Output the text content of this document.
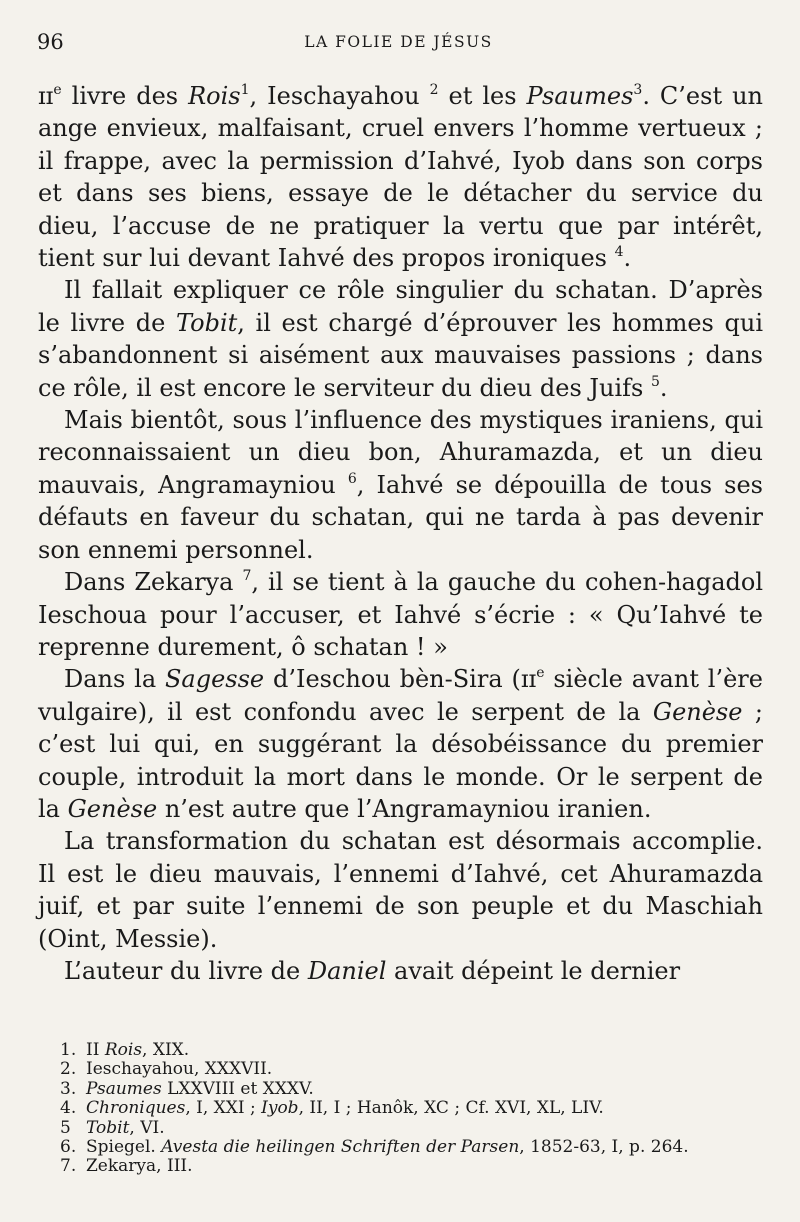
96	LA FOLIE DE JÉSUS

ɪɪ$^e$ livre des Rois$^1$, Ieschayahou $^2$ et les Psaumes$^3$. C’est un ange envieux, malfaisant, cruel envers l’homme vertueux ; il frappe, avec la permission d’Iahvé, Iyob dans son corps et dans ses biens, essaye de le détacher du service du dieu, l’accuse de ne pratiquer la vertu que par intérêt, tient sur lui devant Iahvé des propos ironiques $^4$.

Il fallait expliquer ce rôle singulier du schatan. D’après le livre de Tobit, il est chargé d’éprouver les hommes qui s’abandonnent si aisément aux mauvaises passions ; dans ce rôle, il est encore le serviteur du dieu des Juifs $^5$.

Mais bientôt, sous l’influence des mystiques iraniens, qui reconnaissaient un dieu bon, Ahuramazda, et un dieu mauvais, Angramayniou $^6$, Iahvé se dépouilla de tous ses défauts en faveur du schatan, qui ne tarda à pas devenir son ennemi personnel.

Dans Zekarya $^7$, il se tient à la gauche du cohen-hagadol Ieschoua pour l’accuser, et Iahvé s’écrie : « Qu’Iahvé te reprenne durement, ô schatan ! »

Dans la Sagesse d’Ieschou bèn-Sira (ɪɪ$^e$ siècle avant l’ère vulgaire), il est confondu avec le serpent de la Genèse ; c’est lui qui, en suggérant la désobéissance du premier couple, introduit la mort dans le monde. Or le serpent de la Genèse n’est autre que l’Angramayniou iranien.

La transformation du schatan est désormais accomplie. Il est le dieu mauvais, l’ennemi d’Iahvé, cet Ahuramazda juif, et par suite l’ennemi de son peuple et du Maschiah (Oint, Messie).

L’auteur du livre de Daniel avait dépeint le dernier

1. II Rois, XIX.
2. Ieschayahou, XXXVII.
3. Psaumes LXXVIII et XXXV.
4. Chroniques, I, XXI ; Iyob, II, I ; Hanôk, XC ; Cf. XVI, XL, LIV.
5 Tobit, VI.
6. Spiegel. Avesta die heilingen Schriften der Parsen, 1852-63, I, p. 264.
7. Zekarya, III.
